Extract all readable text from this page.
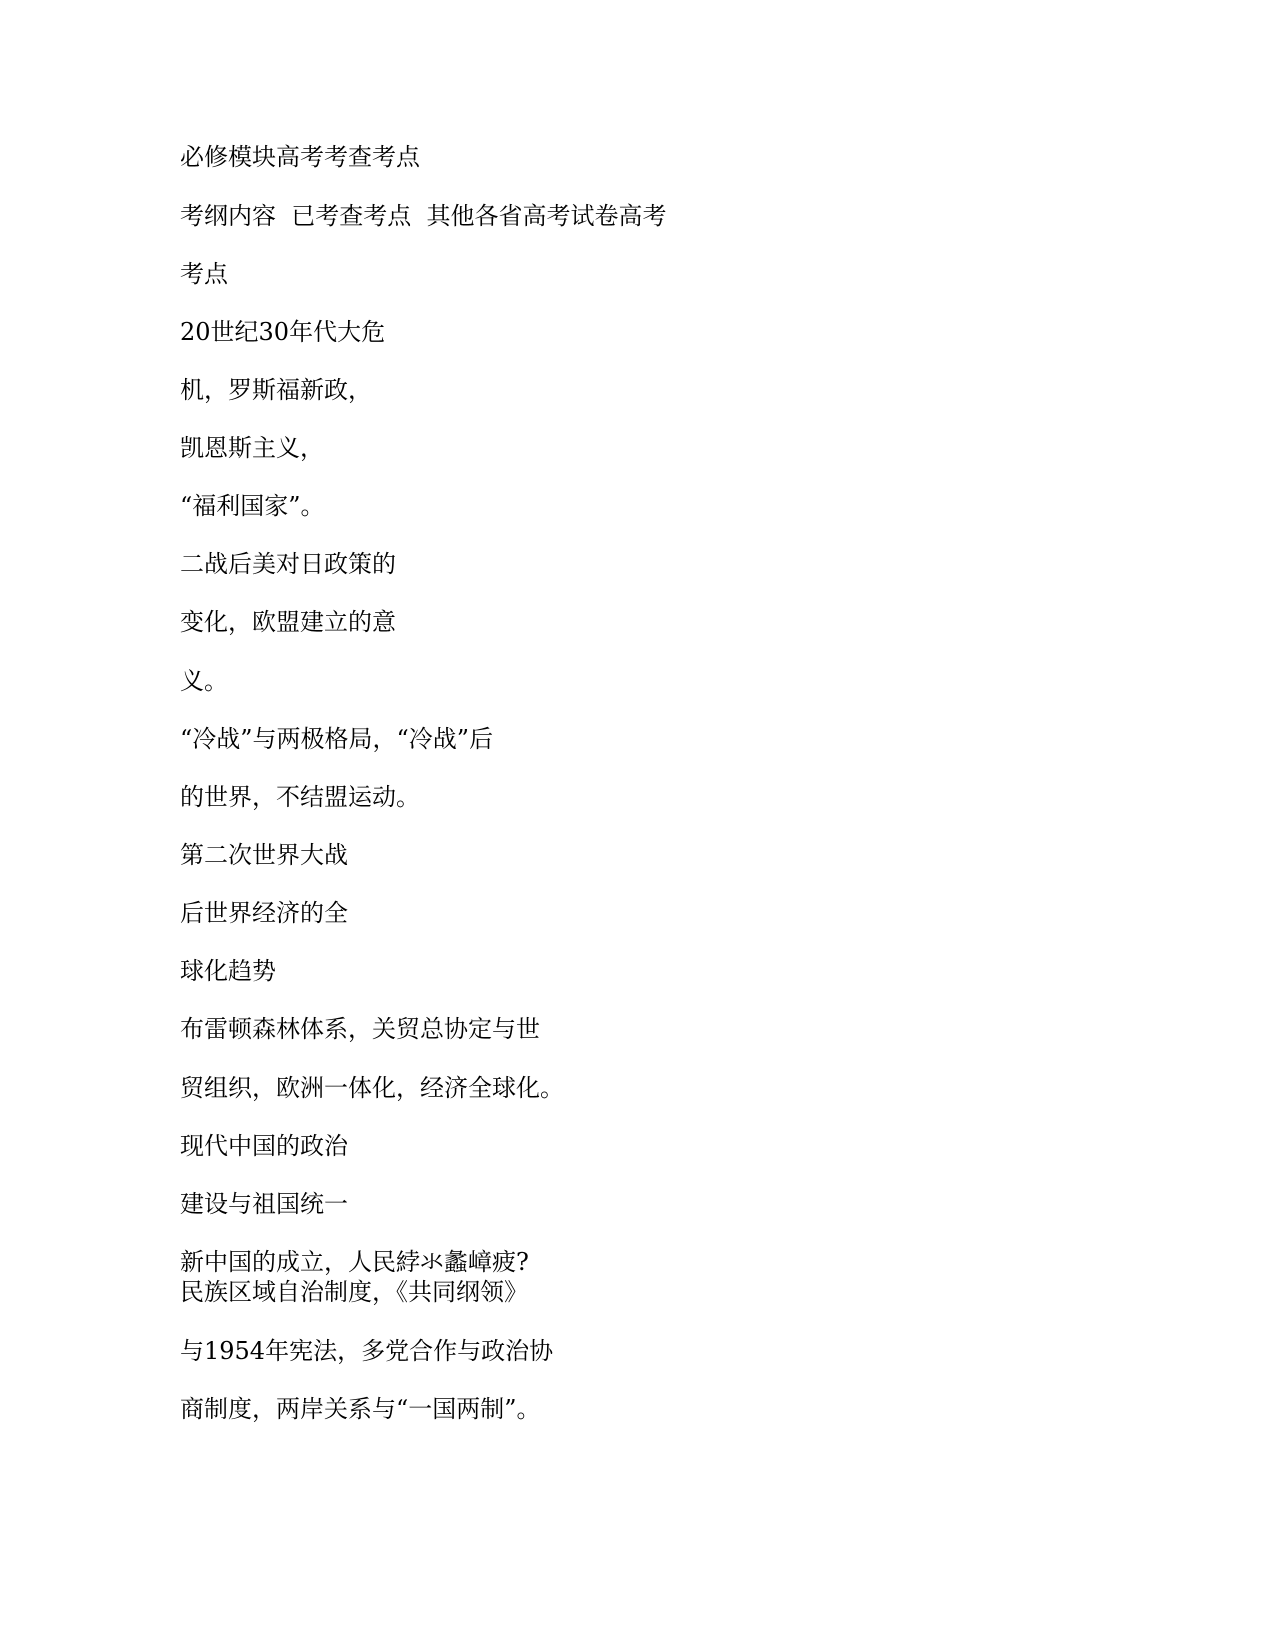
必修模块高考考查考点

考纲内容  已考查考点  其他各省高考试卷高考

考点

20世纪30年代大危

机，罗斯福新政，

凯恩斯主义，

“福利国家”。

二战后美对日政策的

变化，欧盟建立的意

义。

“冷战”与两极格局，“冷战”后

的世界，不结盟运动。

第二次世界大战

后世界经济的全

球化趋势

布雷顿森林体系，关贸总协定与世

贸组织，欧洲一体化，经济全球化。

现代中国的政治

建设与祖国统一

新中国的成立，人民綍氺蠡嶂疲?

民族区域自治制度，《共同纲领》

与1954年宪法，多党合作与政治协

商制度，两岸关系与“一国两制”。
